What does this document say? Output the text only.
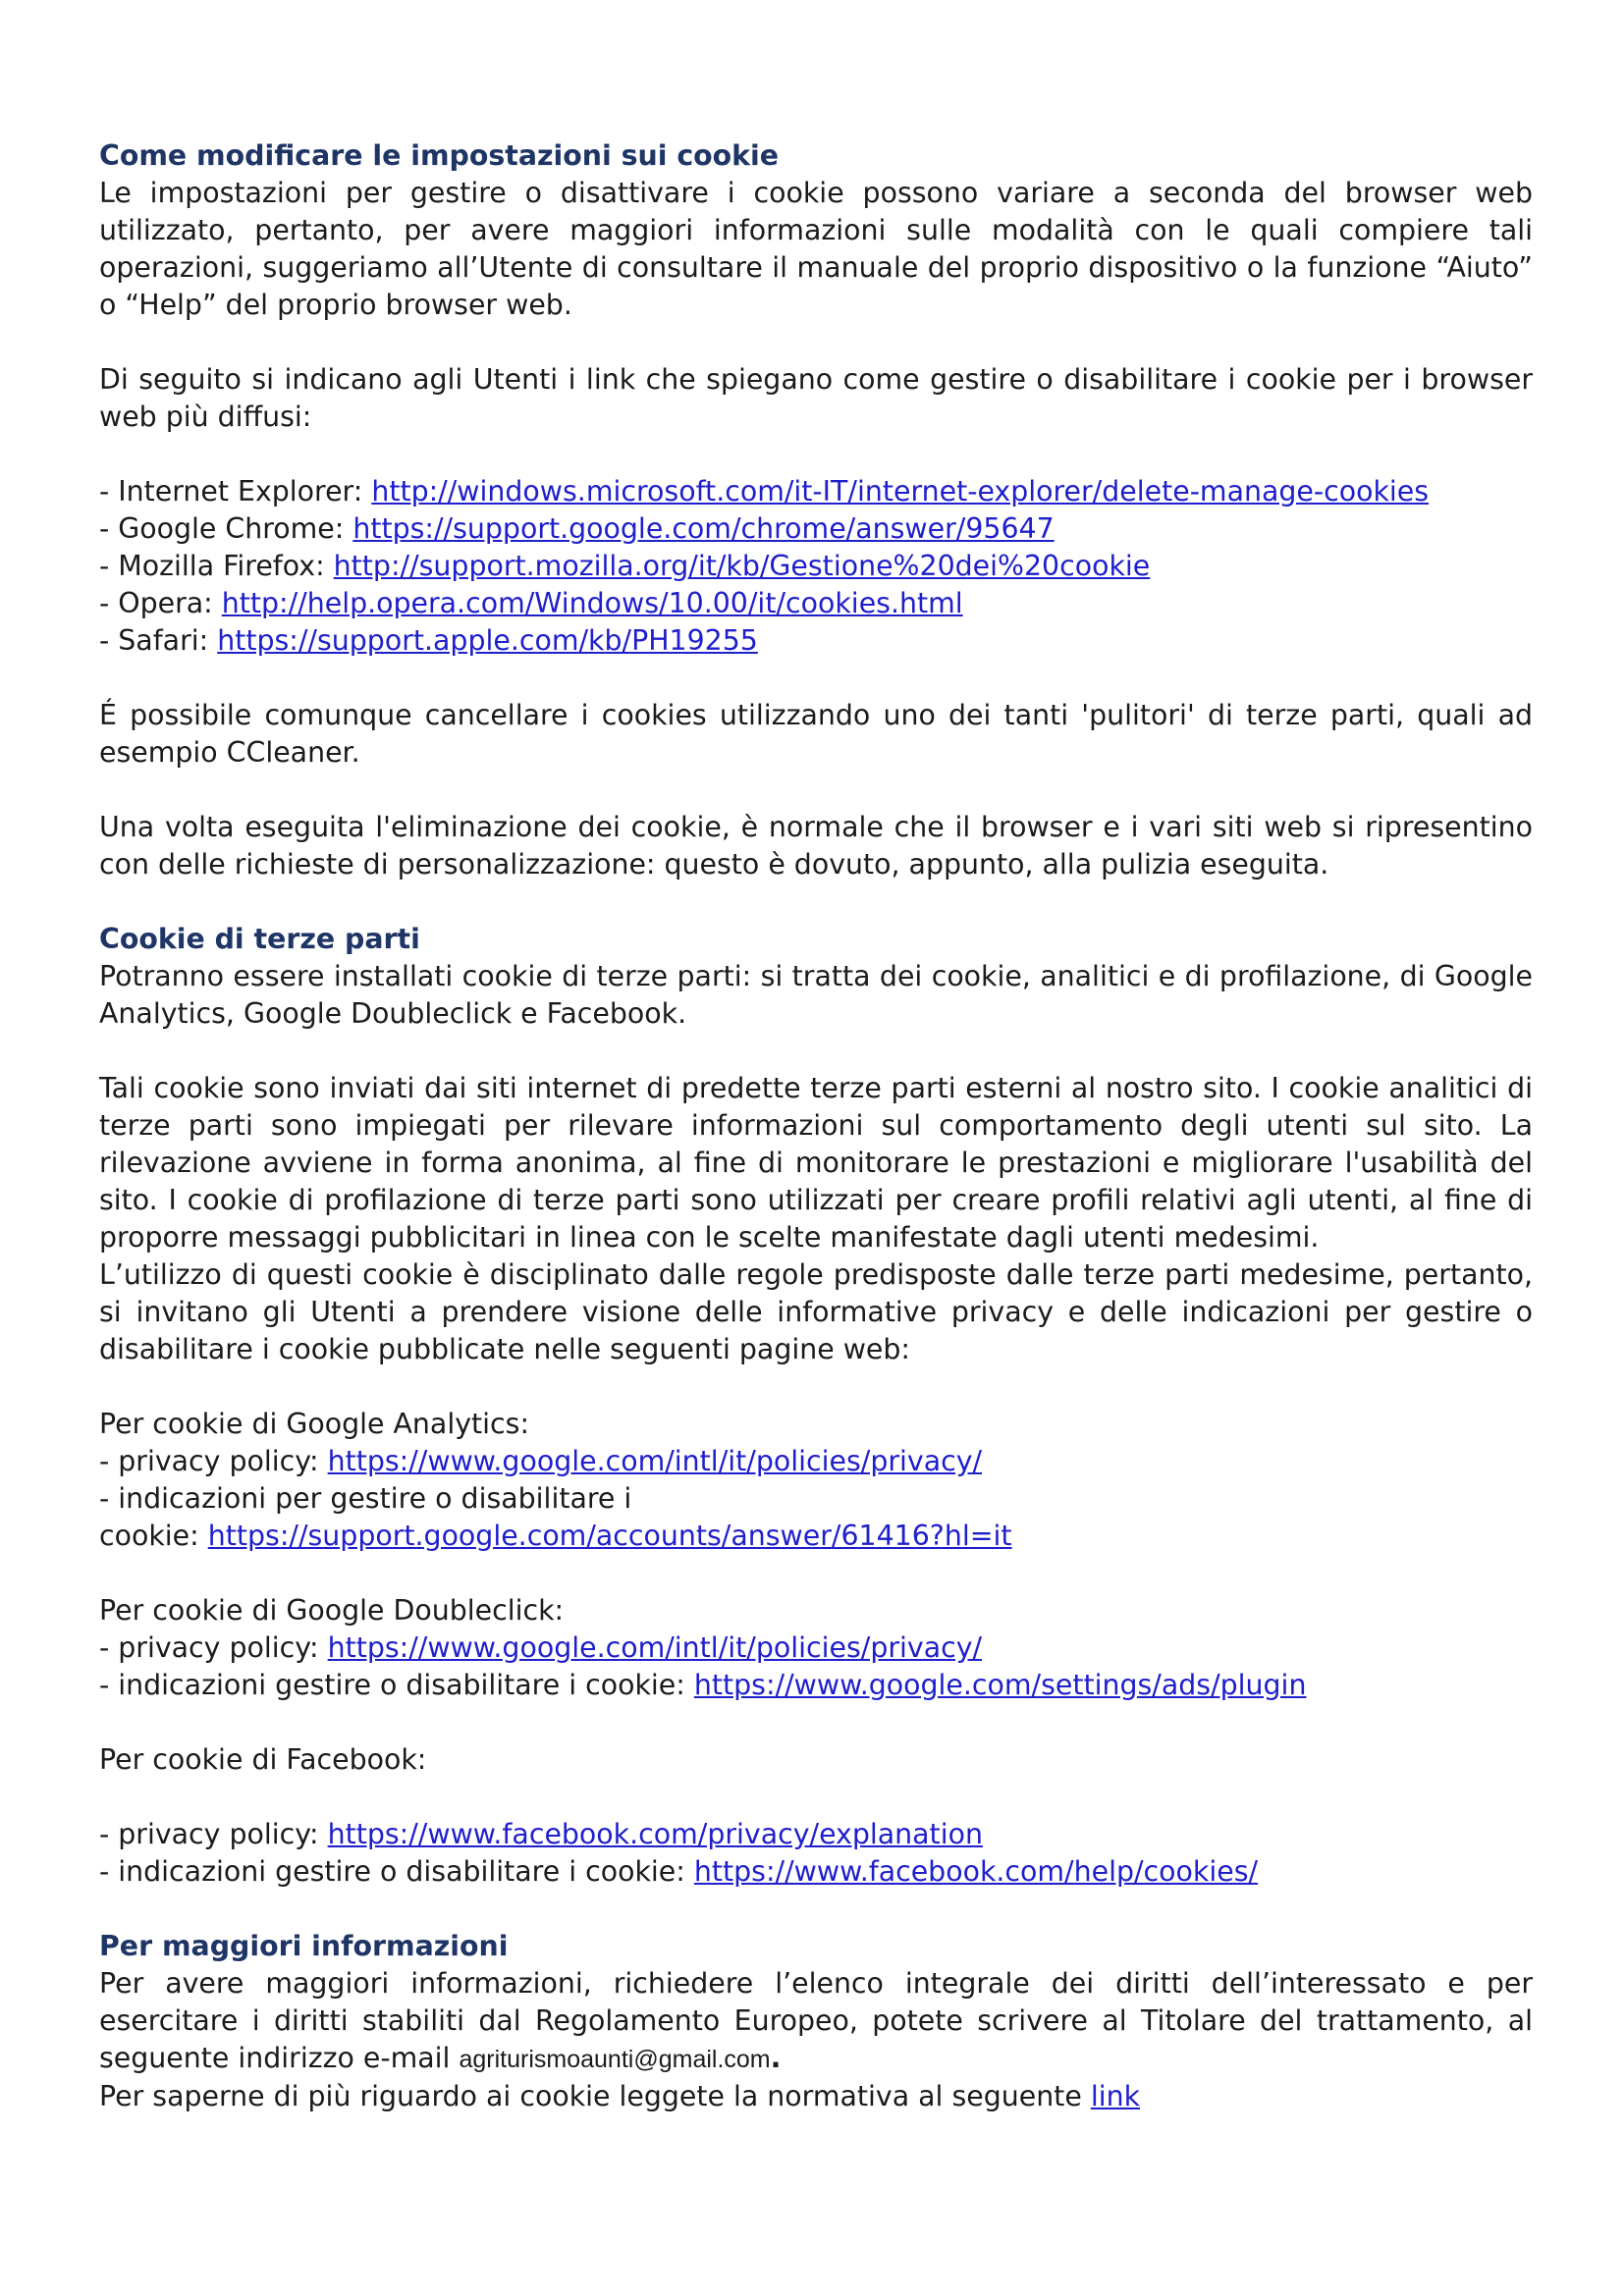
Come modificare le impostazioni sui cookie

Le impostazioni per gestire o disattivare i cookie possono variare a seconda del browser web utilizzato, pertanto, per avere maggiori informazioni sulle modalità con le quali compiere tali operazioni, suggeriamo all’Utente di consultare il manuale del proprio dispositivo o la funzione “Aiuto” o “Help” del proprio browser web.

Di seguito si indicano agli Utenti i link che spiegano come gestire o disabilitare i cookie per i browser web più diffusi:

- Internet Explorer: http://windows.microsoft.com/it-IT/internet-explorer/delete-manage-cookies

- Google Chrome: https://support.google.com/chrome/answer/95647

- Mozilla Firefox: http://support.mozilla.org/it/kb/Gestione%20dei%20cookie

- Opera: http://help.opera.com/Windows/10.00/it/cookies.html

- Safari: https://support.apple.com/kb/PH19255

É possibile comunque cancellare i cookies utilizzando uno dei tanti 'pulitori' di terze parti, quali ad esempio CCleaner.

Una volta eseguita l'eliminazione dei cookie, è normale che il browser e i vari siti web si ripresentino con delle richieste di personalizzazione: questo è dovuto, appunto, alla pulizia eseguita.

Cookie di terze parti

Potranno essere installati cookie di terze parti: si tratta dei cookie, analitici e di profilazione, di Google Analytics, Google Doubleclick e Facebook.

Tali cookie sono inviati dai siti internet di predette terze parti esterni al nostro sito. I cookie analitici di terze parti sono impiegati per rilevare informazioni sul comportamento degli utenti sul sito. La rilevazione avviene in forma anonima, al fine di monitorare le prestazioni e migliorare l'usabilità del sito. I cookie di profilazione di terze parti sono utilizzati per creare profili relativi agli utenti, al fine di proporre messaggi pubblicitari in linea con le scelte manifestate dagli utenti medesimi.

L’utilizzo di questi cookie è disciplinato dalle regole predisposte dalle terze parti medesime, pertanto, si invitano gli Utenti a prendere visione delle informative privacy e delle indicazioni per gestire o disabilitare i cookie pubblicate nelle seguenti pagine web:

Per cookie di Google Analytics:

- privacy policy: https://www.google.com/intl/it/policies/privacy/

- indicazioni per gestire o disabilitare i

cookie: https://support.google.com/accounts/answer/61416?hl=it

Per cookie di Google Doubleclick:

- privacy policy: https://www.google.com/intl/it/policies/privacy/

- indicazioni gestire o disabilitare i cookie: https://www.google.com/settings/ads/plugin

Per cookie di Facebook:

- privacy policy: https://www.facebook.com/privacy/explanation

- indicazioni gestire o disabilitare i cookie: https://www.facebook.com/help/cookies/

Per maggiori informazioni

Per avere maggiori informazioni, richiedere l’elenco integrale dei diritti dell’interessato e per esercitare i diritti stabiliti dal Regolamento Europeo, potete scrivere al Titolare del trattamento, al seguente indirizzo e-mail agriturismoaunti@gmail.com.

Per saperne di più riguardo ai cookie leggete la normativa al seguente link
